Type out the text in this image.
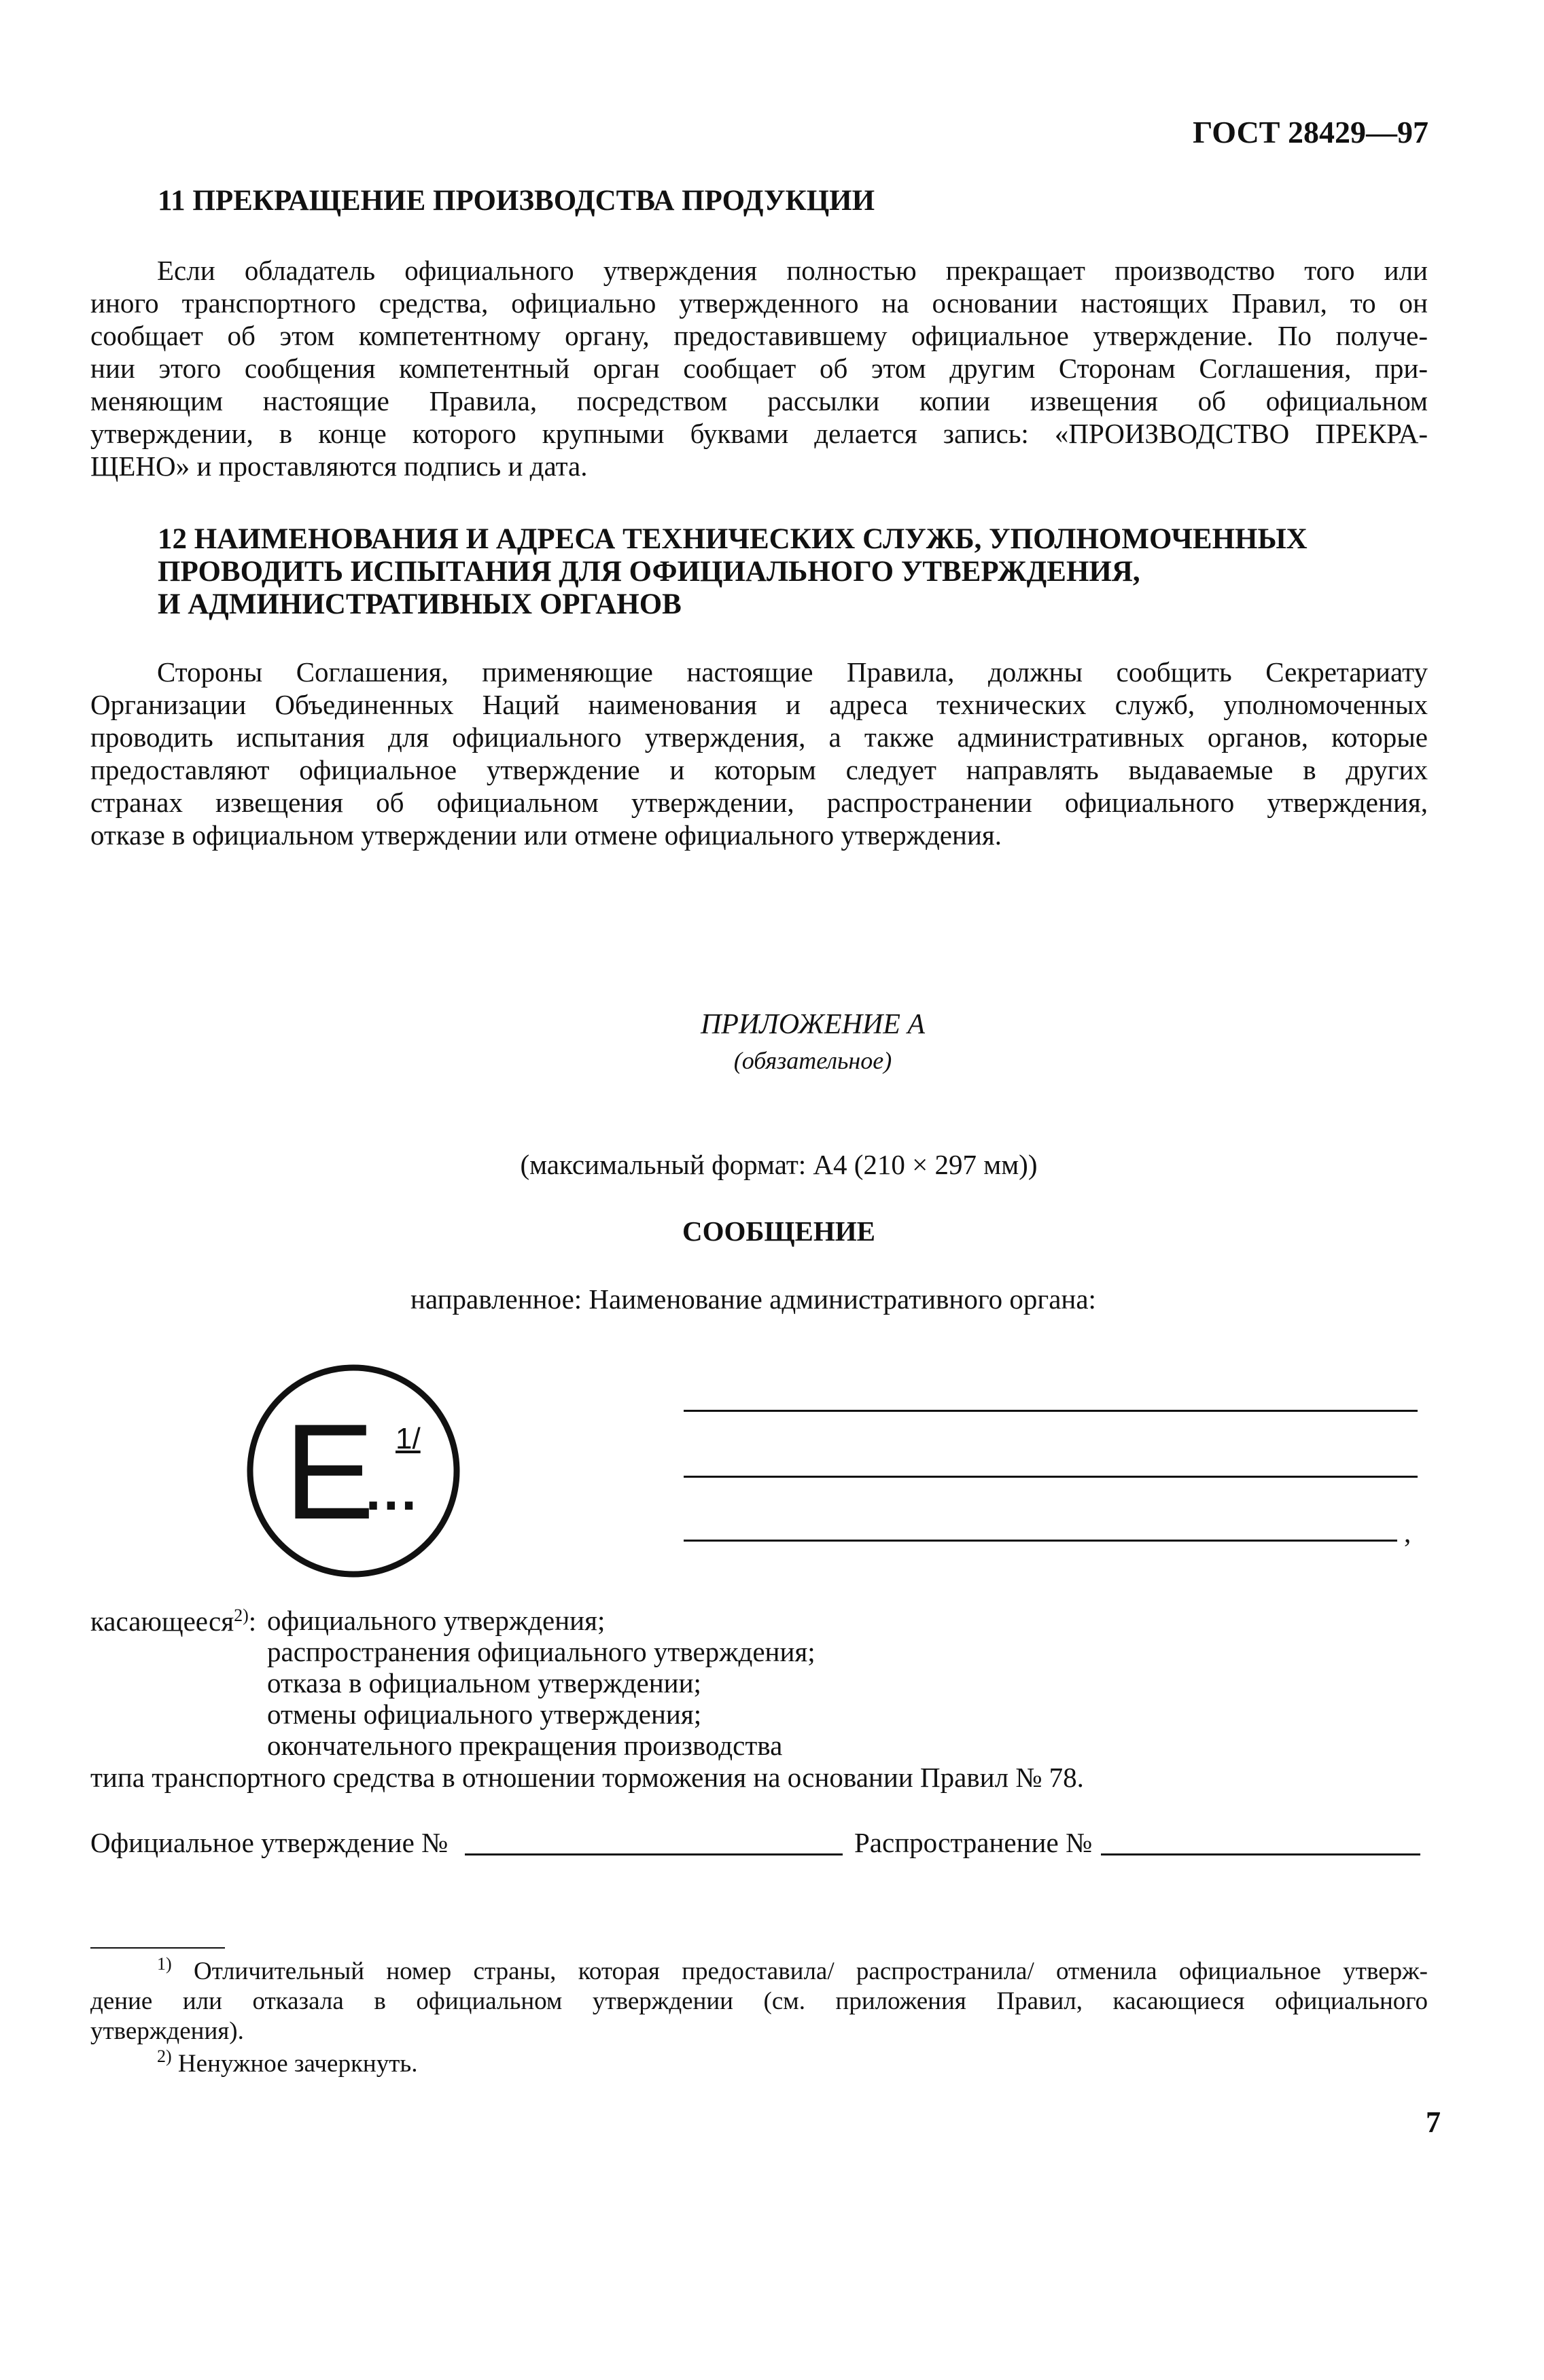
ГОСТ 28429—97
11 ПРЕКРАЩЕНИЕ ПРОИЗВОДСТВА ПРОДУКЦИИ
Если обладатель официального утверждения полностью прекращает производство того или
иного транспортного средства, официально утвержденного на основании настоящих Правил, то он
сообщает об этом компетентному органу, предоставившему официальное утверждение. По получе-
нии этого сообщения компетентный орган сообщает об этом другим Сторонам Соглашения, при-
меняющим настоящие Правила, посредством рассылки копии извещения об официальном
утверждении, в конце которого крупными буквами делается запись: «ПРОИЗВОДСТВО ПРЕКРА-
ЩЕНО» и проставляются подпись и дата.
12 НАИМЕНОВАНИЯ И АДРЕСА ТЕХНИЧЕСКИХ СЛУЖБ, УПОЛНОМОЧЕННЫХ
ПРОВОДИТЬ ИСПЫТАНИЯ ДЛЯ ОФИЦИАЛЬНОГО УТВЕРЖДЕНИЯ,
И АДМИНИСТРАТИВНЫХ ОРГАНОВ
Стороны Соглашения, применяющие настоящие Правила, должны сообщить Секретариату
Организации Объединенных Наций наименования и адреса технических служб, уполномоченных
проводить испытания для официального утверждения, а также административных органов, которые
предоставляют официальное утверждение и которым следует направлять выдаваемые в других
странах извещения об официальном утверждении, распространении официального утверждения,
отказе в официальном утверждении или отмене официального утверждения.
ПРИЛОЖЕНИЕ А
(обязательное)
(максимальный формат: А4 (210 × 297 мм))
СООБЩЕНИЕ
направленное: Наименование административного органа:
E
...
1/
,
касающееся$^{2)}$: официального утверждения;
распространения официального утверждения;
отказа в официальном утверждении;
отмены официального утверждения;
окончательного прекращения производства
типа транспортного средства в отношении торможения на основании Правил № 78.
Официальное утверждение №	Распространение №
$^{1)}$ Отличительный номер страны, которая предоставила/ распространила/ отменила официальное утверж-
дение или отказала в официальном утверждении (см. приложения Правил, касающиеся официального
утверждения).
$^{2)}$ Ненужное зачеркнуть.
7
